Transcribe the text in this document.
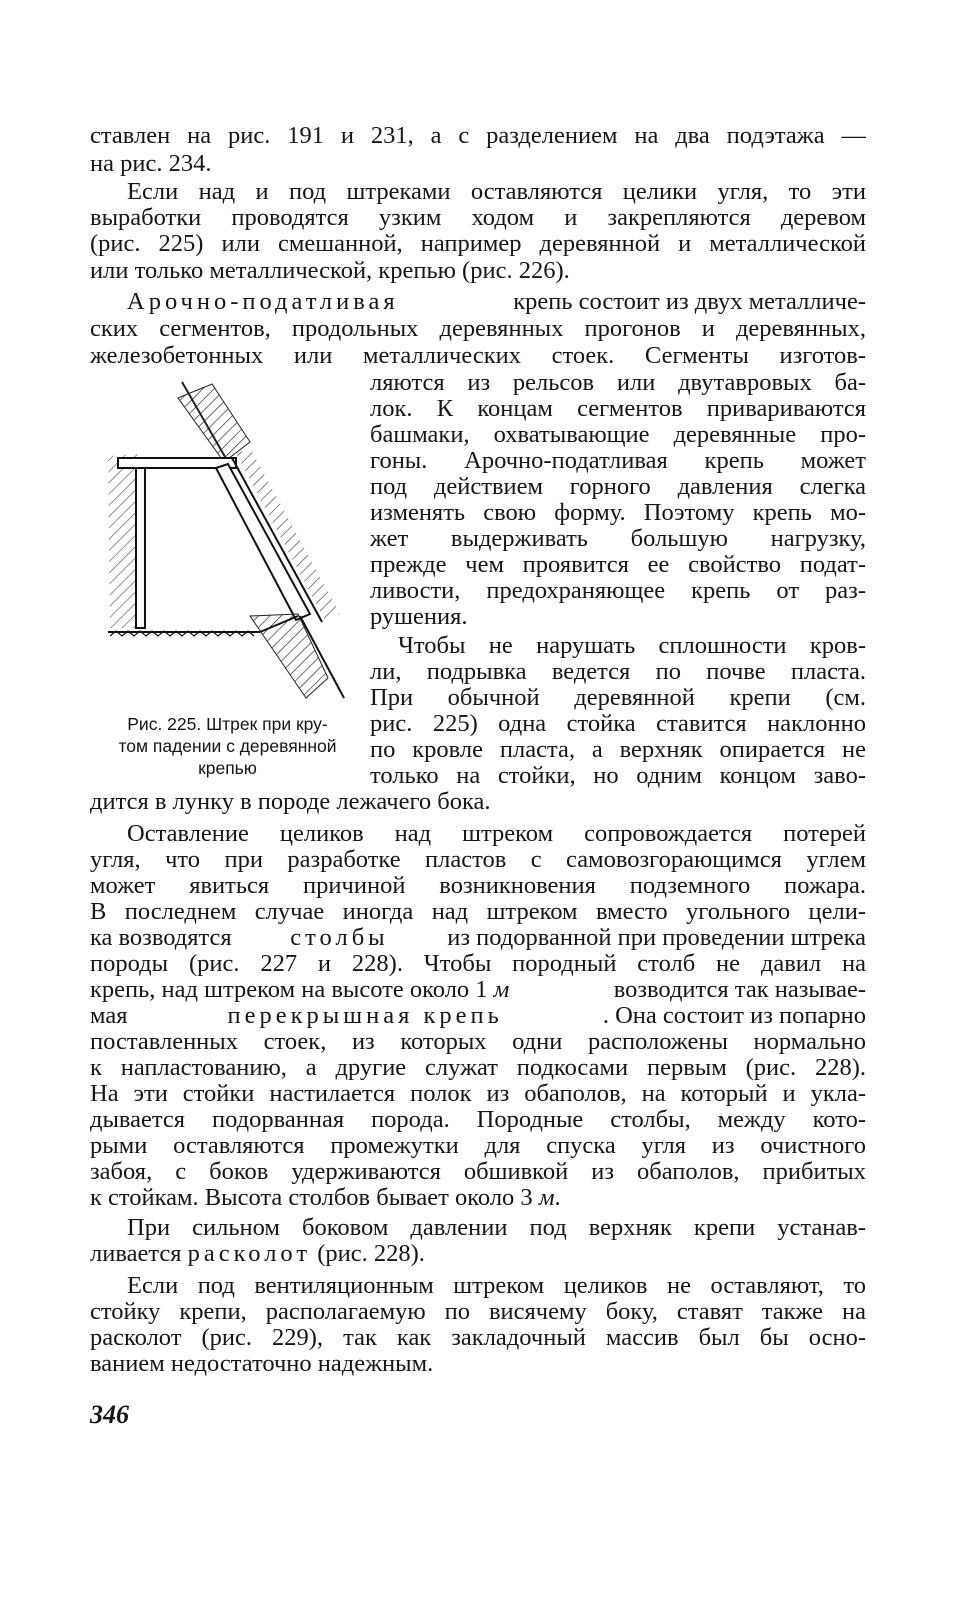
ставлен на рис. 191 и 231, а с разделением на два подэтажа —
на рис. 234.
Если над и под штреками оставляются целики угля, то эти
выработки проводятся узким ходом и закрепляются деревом
(рис. 225) или смешанной, например деревянной и металлической
или только металлической, крепью (рис. 226).
Арочно-податливая	крепь состоит из двух металличе-
ских сегментов, продольных деревянных прогонов и деревянных,
железобетонных или металлических стоек. Сегменты изготов-
ляются из рельсов или двутавровых ба-
лок. К концам сегментов привариваются
башмаки, охватывающие деревянные про-
гоны. Арочно-податливая крепь может
под действием горного давления слегка
изменять свою форму. Поэтому крепь мо-
жет выдерживать большую нагрузку,
прежде чем проявится ее свойство подат-
ливости, предохраняющее крепь от раз-
рушения.
Чтобы не нарушать сплошности кров-
ли, подрывка ведется по почве пласта.
При обычной деревянной крепи (см.
рис. 225) одна стойка ставится наклонно
по кровле пласта, а верхняк опирается не
только на стойки, но одним концом заво-
дится в лунку в породе лежачего бока.
Рис. 225. Штрек при кру-
том падении с деревянной
крепью
Оставление целиков над штреком сопровождается потерей
угля, что при разработке пластов с самовозгорающимся углем
может явиться причиной возникновения подземного пожара.
В последнем случае иногда над штреком вместо угольного цели-
ка возводятся столбы из подорванной при проведении штрека
породы (рис. 227 и 228). Чтобы породный столб не давил на
крепь, над штреком на высоте около 1 м	возводится так называе-
мая	перекрышная крепь	. Она состоит из попарно
поставленных стоек, из которых одни расположены нормально
к напластованию, а другие служат подкосами первым (рис. 228).
На эти стойки настилается полок из обаполов, на который и укла-
дывается подорванная порода. Породные столбы, между кото-
рыми оставляются промежутки для спуска угля из очистного
забоя, с боков удерживаются обшивкой из обаполов, прибитых
к стойкам. Высота столбов бывает около 3 м.
При сильном боковом давлении под верхняк крепи устанав-
ливается расколот (рис. 228).
Если под вентиляционным штреком целиков не оставляют, то
стойку крепи, располагаемую по висячему боку, ставят также на
расколот (рис. 229), так как закладочный массив был бы осно-
ванием недостаточно надежным.
346
